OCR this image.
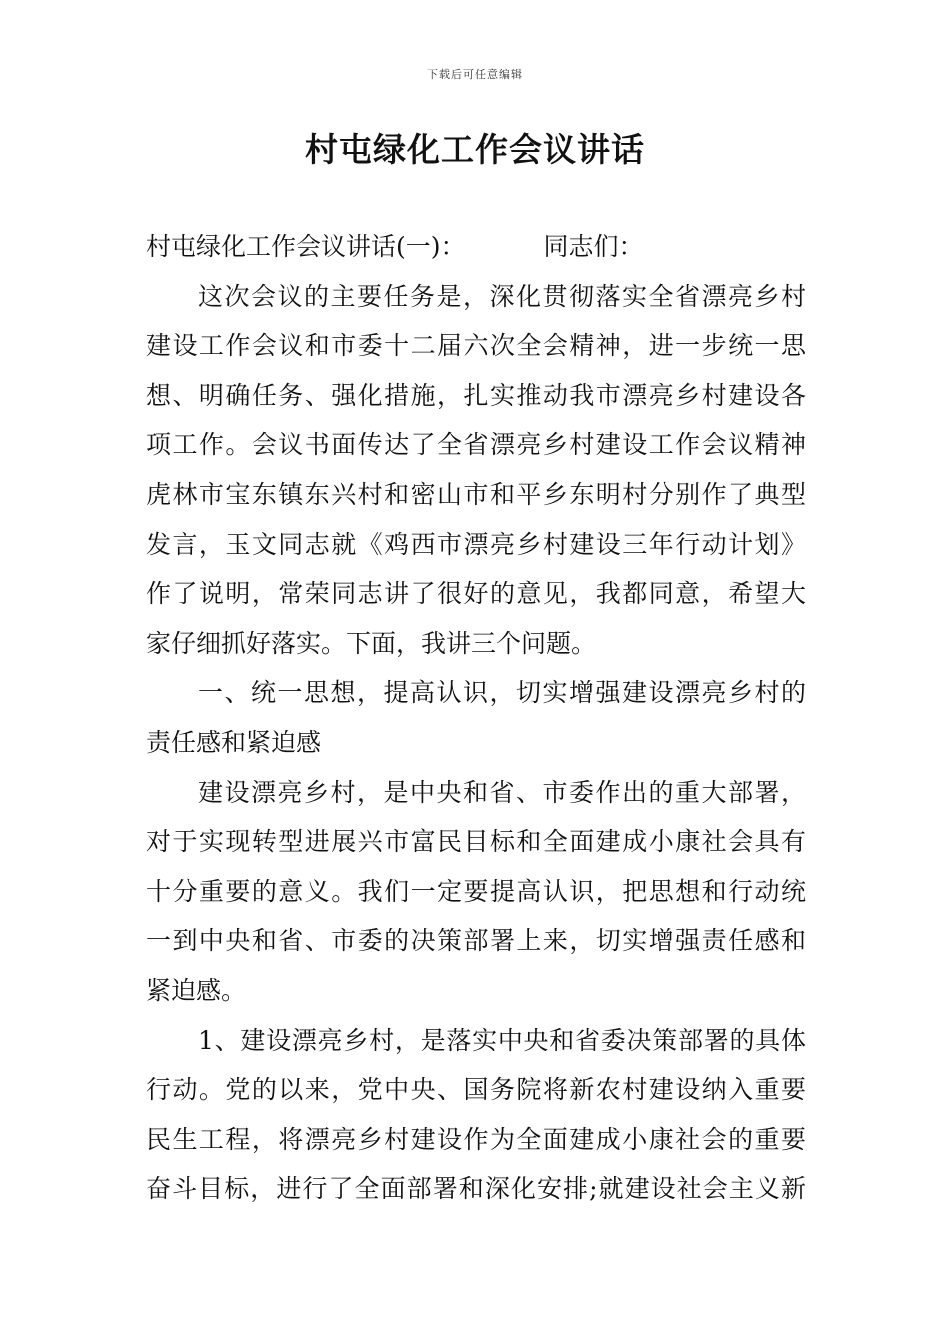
下载后可任意编辑
村屯绿化工作会议讲话
村屯绿化工作会议讲话(一)：	同志们：
这次会议的主要任务是，深化贯彻落实全省漂亮乡村
建设工作会议和市委十二届六次全会精神，进一步统一思
想、明确任务、强化措施，扎实推动我市漂亮乡村建设各
项工作。会议书面传达了全省漂亮乡村建设工作会议精神
虎林市宝东镇东兴村和密山市和平乡东明村分别作了典型
发言，玉文同志就《鸡西市漂亮乡村建设三年行动计划》
作了说明，常荣同志讲了很好的意见，我都同意，希望大
家仔细抓好落实。下面，我讲三个问题。
一、统一思想，提高认识，切实增强建设漂亮乡村的
责任感和紧迫感
建设漂亮乡村，是中央和省、市委作出的重大部署，
对于实现转型进展兴市富民目标和全面建成小康社会具有
十分重要的意义。我们一定要提高认识，把思想和行动统
一到中央和省、市委的决策部署上来，切实增强责任感和
紧迫感。
1、建设漂亮乡村，是落实中央和省委决策部署的具体
行动。党的以来，党中央、国务院将新农村建设纳入重要
民生工程，将漂亮乡村建设作为全面建成小康社会的重要
奋斗目标，进行了全面部署和深化安排;就建设社会主义新
